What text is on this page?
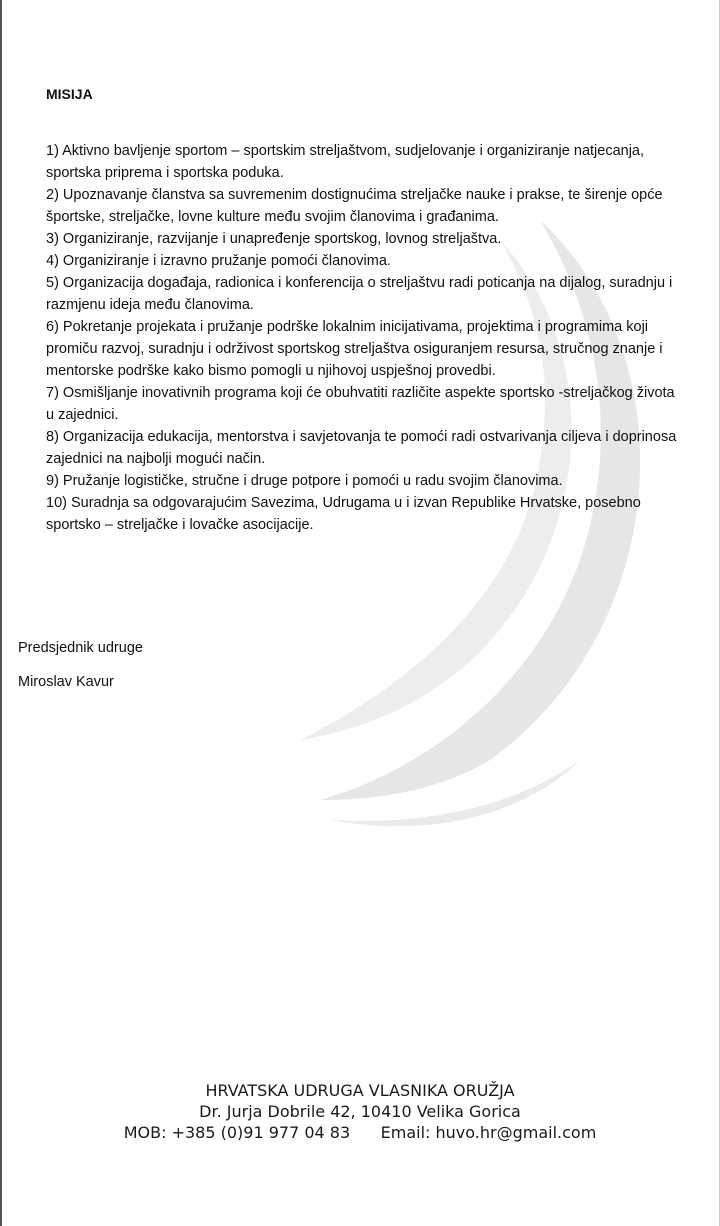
MISIJA

1) Aktivno bavljenje sportom – sportskim streljaštvom, sudjelovanje i organiziranje natjecanja, sportska priprema i sportska poduka.

2) Upoznavanje članstva sa suvremenim dostignućima streljačke nauke i prakse, te širenje opće športske, streljačke, lovne kulture među svojim članovima i građanima.

3) Organiziranje, razvijanje i unapređenje sportskog, lovnog streljaštva.

4) Organiziranje i izravno pružanje pomoći članovima.

5) Organizacija događaja, radionica i konferencija o streljaštvu radi poticanja na dijalog, suradnju i razmjenu ideja među članovima.

6) Pokretanje projekata i pružanje podrške lokalnim inicijativama, projektima i programima koji promiču razvoj, suradnju i održivost sportskog streljaštva osiguranjem resursa, stručnog znanje i mentorske podrške kako bismo pomogli u njihovoj uspješnoj provedbi.

7) Osmišljanje inovativnih programa koji će obuhvatiti različite aspekte sportsko -streljačkog života u zajednici.

8) Organizacija edukacija, mentorstva i savjetovanja te pomoći radi ostvarivanja ciljeva i doprinosa zajednici na najbolji mogući način.

9) Pružanje logističke, stručne i druge potpore i pomoći u radu svojim članovima.

10) Suradnja sa odgovarajućim Savezima, Udrugama u i izvan Republike Hrvatske, posebno sportsko – streljačke i lovačke asocijacije.

Predsjednik udruge
Miroslav Kavur
HRVATSKA UDRUGA VLASNIKA ORUŽJA
Dr. Jurja Dobrile 42, 10410 Velika Gorica
MOB: +385 (0)91 977 04 83 Email: huvo.hr@gmail.com
